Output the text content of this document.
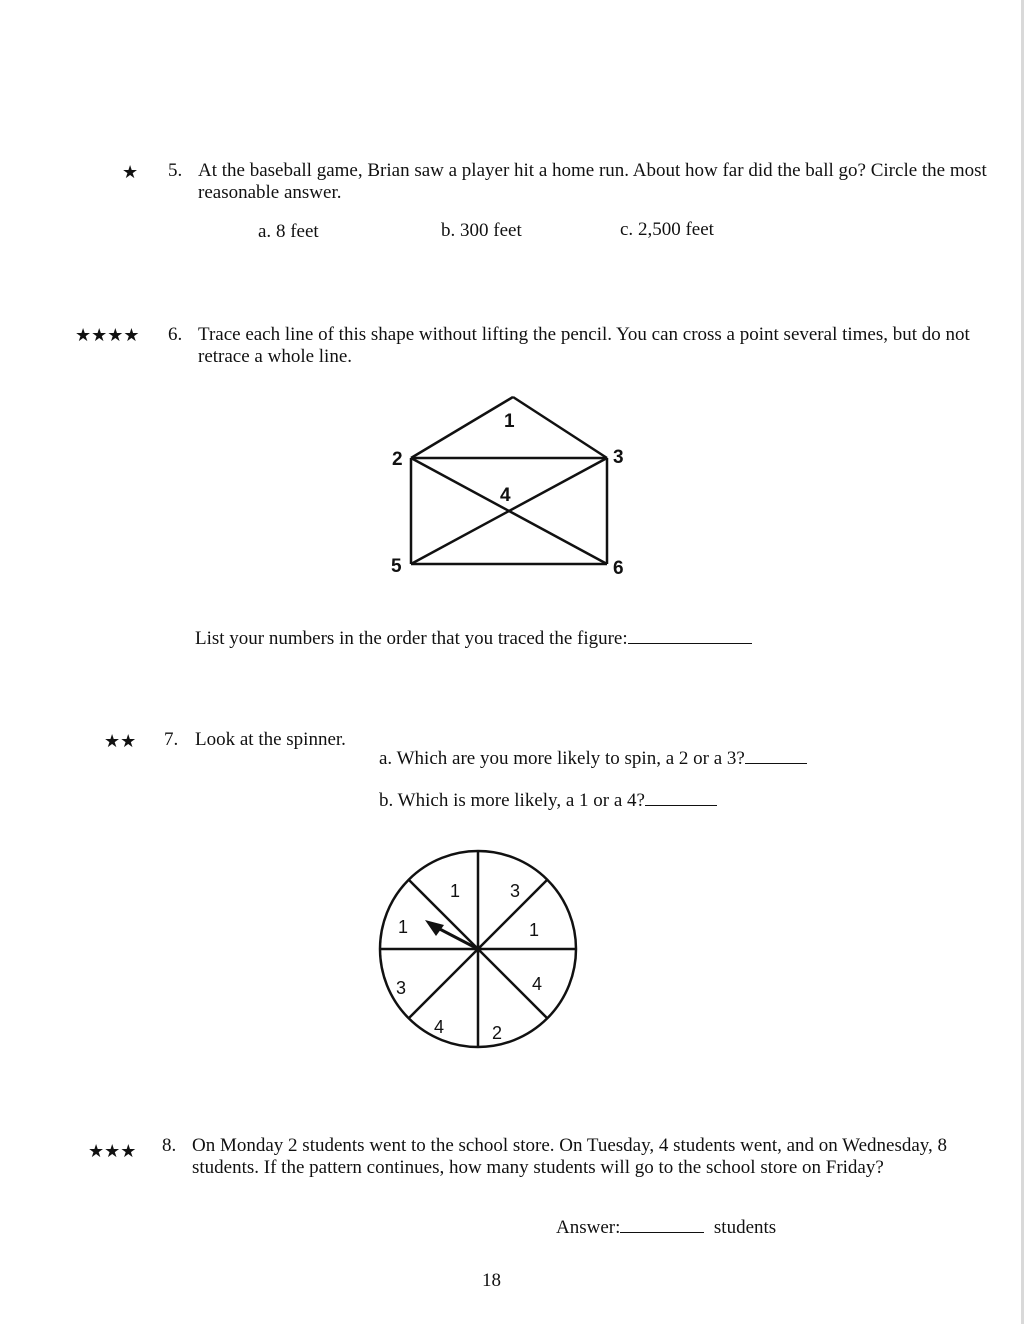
★ 5. At the baseball game, Brian saw a player hit a home run. About how far did the ball go? Circle the most reasonable answer.
a. 8 feet	b. 300 feet	c. 2,500 feet
★★★★ 6. Trace each line of this shape without lifting the pencil. You can cross a point several times, but do not retrace a whole line.
1
2	3
4
5	6
List your numbers in the order that you traced the figure:
★★ 7. Look at the spinner.
a. Which are you more likely to spin, a 2 or a 3?
b. Which is more likely, a 1 or a 4?
1	3
1
4
2
4
3
1
★★★ 8. On Monday 2 students went to the school store. On Tuesday, 4 students went, and on Wednesday, 8 students. If the pattern continues, how many students will go to the school store on Friday?
Answer:	students
18
